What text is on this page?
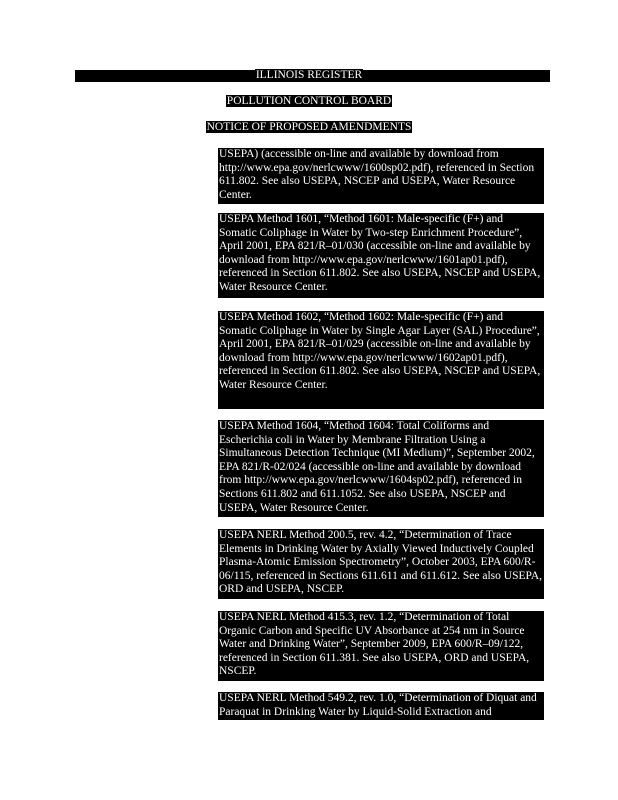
ILLINOIS REGISTER
POLLUTION CONTROL BOARD
NOTICE OF PROPOSED AMENDMENTS
USEPA) (accessible on-line and available by download from http://www.epa.gov/nerlcwww/1600sp02.pdf), referenced in Section 611.802. See also USEPA, NSCEP and USEPA, Water Resource Center.
USEPA Method 1601, “Method 1601: Male-specific (F+) and Somatic Coliphage in Water by Two-step Enrichment Procedure”, April 2001, EPA 821/R–01/030 (accessible on-line and available by download from http://www.epa.gov/nerlcwww/1601ap01.pdf), referenced in Section 611.802. See also USEPA, NSCEP and USEPA, Water Resource Center.
USEPA Method 1602, “Method 1602: Male-specific (F+) and Somatic Coliphage in Water by Single Agar Layer (SAL) Procedure”, April 2001, EPA 821/R–01/029 (accessible on-line and available by download from http://www.epa.gov/nerlcwww/1602ap01.pdf), referenced in Section 611.802. See also USEPA, NSCEP and USEPA, Water Resource Center.
USEPA Method 1604, “Method 1604: Total Coliforms and Escherichia coli in Water by Membrane Filtration Using a Simultaneous Detection Technique (MI Medium)”, September 2002, EPA 821/R-02/024 (accessible on-line and available by download from http://www.epa.gov/nerlcwww/1604sp02.pdf), referenced in Sections 611.802 and 611.1052. See also USEPA, NSCEP and USEPA, Water Resource Center.
USEPA NERL Method 200.5, rev. 4.2, “Determination of Trace Elements in Drinking Water by Axially Viewed Inductively Coupled Plasma-Atomic Emission Spectrometry”, October 2003, EPA 600/R-06/115, referenced in Sections 611.611 and 611.612. See also USEPA, ORD and USEPA, NSCEP.
USEPA NERL Method 415.3, rev. 1.2, “Determination of Total Organic Carbon and Specific UV Absorbance at 254 nm in Source Water and Drinking Water”, September 2009, EPA 600/R–09/122, referenced in Section 611.381. See also USEPA, ORD and USEPA, NSCEP.
USEPA NERL Method 549.2, rev. 1.0, “Determination of Diquat and Paraquat in Drinking Water by Liquid-Solid Extraction and
